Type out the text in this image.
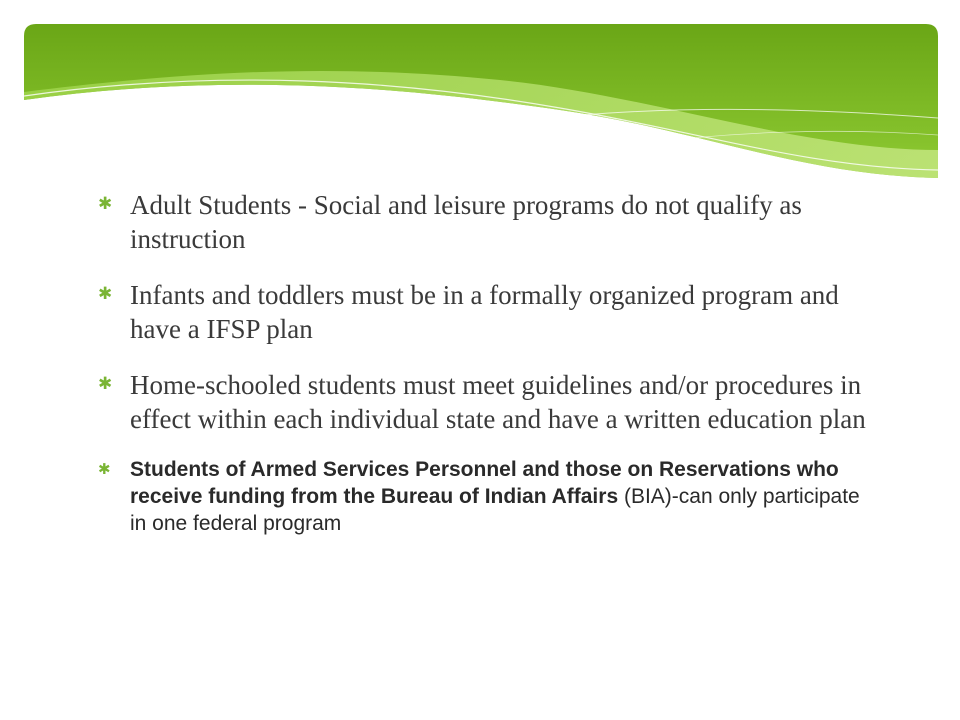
✱ Adult Students - Social and leisure programs do not qualify as instruction
✱ Infants and toddlers must be in a formally organized program and have a IFSP plan
✱ Home-schooled students must meet guidelines and/or procedures in effect within each individual state and have a written education plan
✱ Students of Armed Services Personnel and those on Reservations who receive funding from the Bureau of Indian Affairs (BIA)-can only participate in one federal program
